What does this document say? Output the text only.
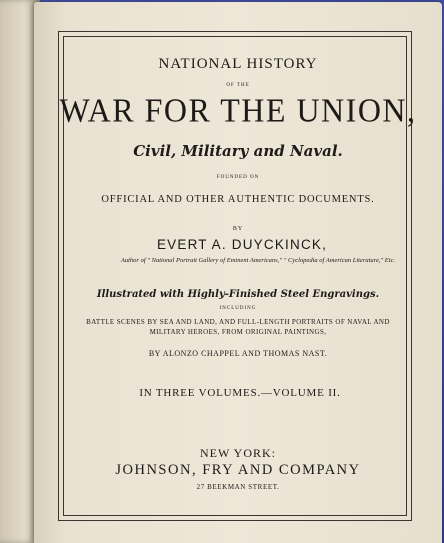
NATIONAL HISTORY
OF THE
WAR FOR THE UNION,
Civil, Military and Naval.
FOUNDED ON
OFFICIAL AND OTHER AUTHENTIC DOCUMENTS.
BY
EVERT A. DUYCKINCK,
Author of " National Portrait Gallery of Eminent Americans," " Cyclopedia of American Literature," Etc.
Illustrated with Highly-Finished Steel Engravings.
INCLUDING
BATTLE SCENES BY SEA AND LAND, AND FULL-LENGTH PORTRAITS OF NAVAL AND
MILITARY HEROES, FROM ORIGINAL PAINTINGS,
BY ALONZO CHAPPEL AND THOMAS NAST.
IN THREE VOLUMES.—VOLUME II.
NEW YORK:
JOHNSON, FRY AND COMPANY
27 BEEKMAN STREET.
